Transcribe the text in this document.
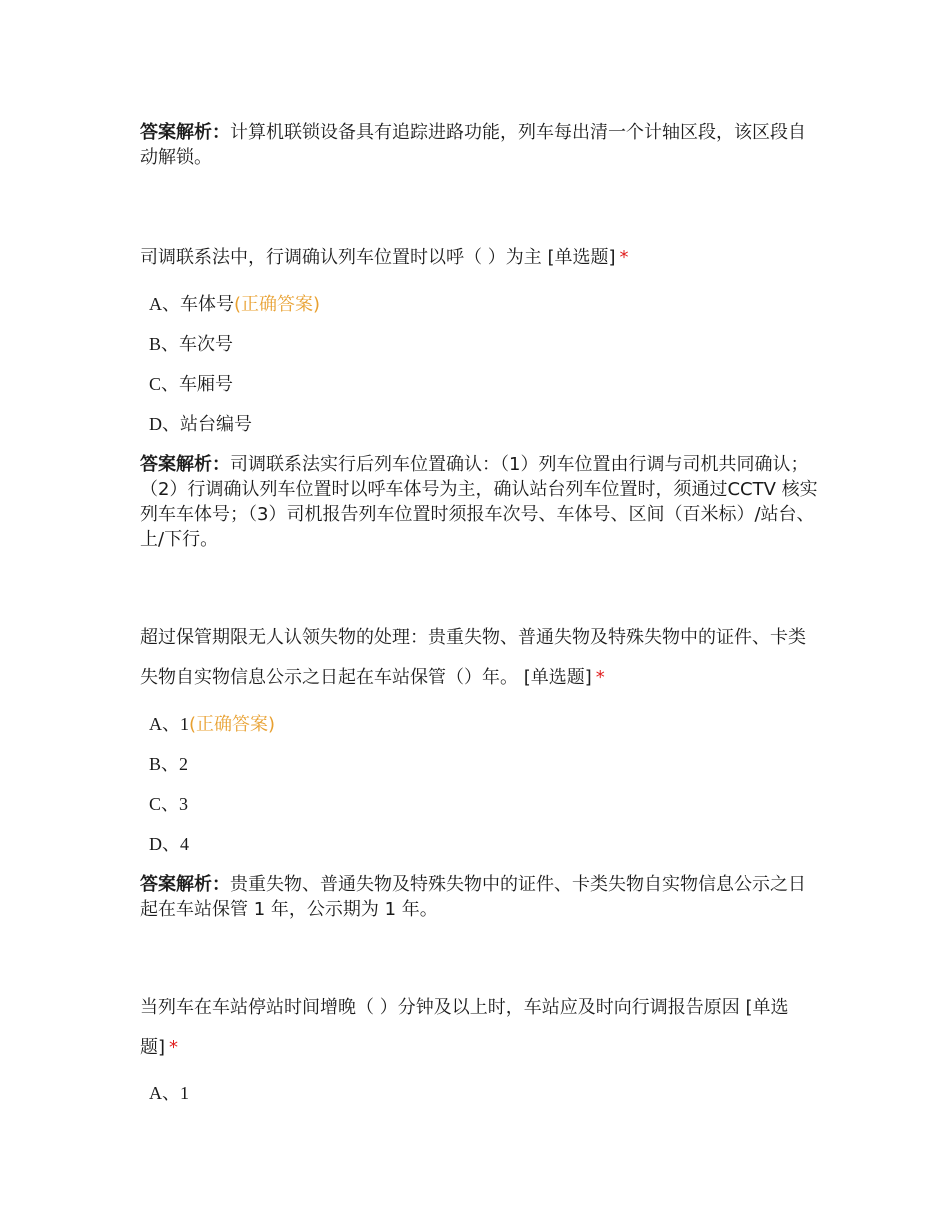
答案解析：计算机联锁设备具有追踪进路功能，列车每出清一个计轴区段，该区段自动解锁。
司调联系法中，行调确认列车位置时以呼（ ）为主 [单选题] *
A、车体号(正确答案)
B、车次号
C、车厢号
D、站台编号
答案解析：司调联系法实行后列车位置确认：（1）列车位置由行调与司机共同确认；（2）行调确认列车位置时以呼车体号为主，确认站台列车位置时，须通过CCTV 核实列车车体号；（3）司机报告列车位置时须报车次号、车体号、区间（百米标）/站台、上/下行。
超过保管期限无人认领失物的处理：贵重失物、普通失物及特殊失物中的证件、卡类失物自实物信息公示之日起在车站保管（）年。 [单选题] *
A、1(正确答案)
B、2
C、3
D、4
答案解析：贵重失物、普通失物及特殊失物中的证件、卡类失物自实物信息公示之日起在车站保管 1 年，公示期为 1 年。
当列车在车站停站时间增晚（ ）分钟及以上时，车站应及时向行调报告原因 [单选题] *
A、1
